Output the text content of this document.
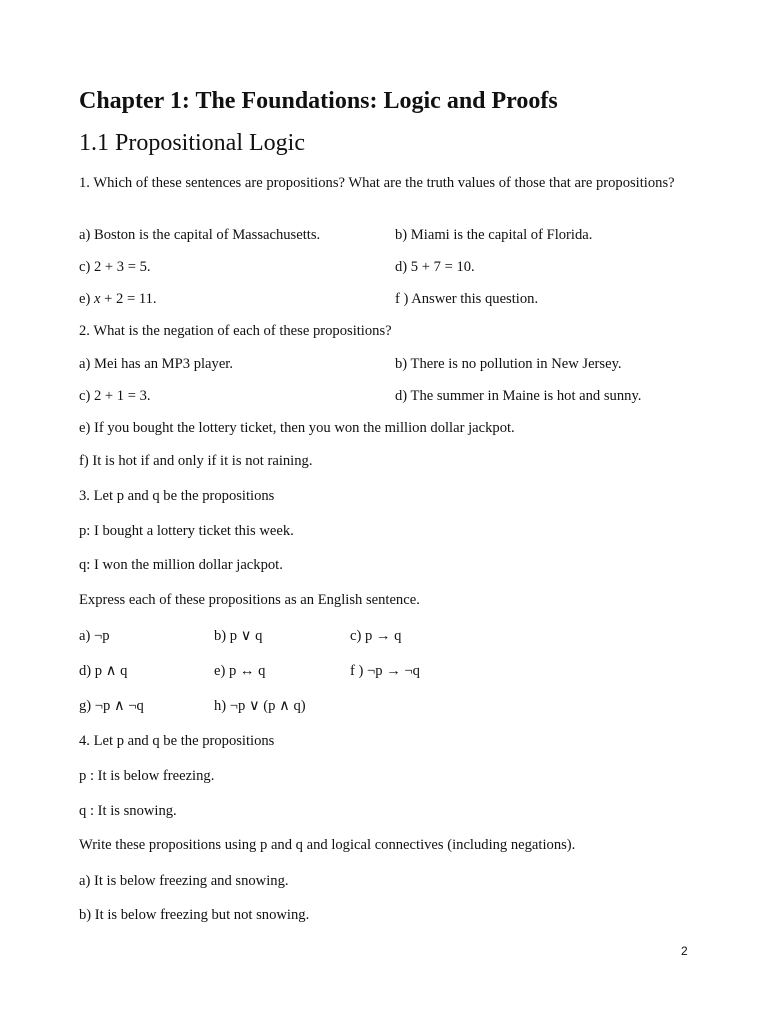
Chapter 1: The Foundations: Logic and Proofs
1.1 Propositional Logic
1. Which of these sentences are propositions? What are the truth values of those that are propositions?
a) Boston is the capital of Massachusetts.	b) Miami is the capital of Florida.
c) 2 + 3 = 5.	d) 5 + 7 = 10.
e) x + 2 = 11.	f ) Answer this question.
2. What is the negation of each of these propositions?
a) Mei has an MP3 player.	b) There is no pollution in New Jersey.
c) 2 + 1 = 3.	d) The summer in Maine is hot and sunny.
e) If you bought the lottery ticket, then you won the million dollar jackpot.
f) It is hot if and only if it is not raining.
3. Let p and q be the propositions
p: I bought a lottery ticket this week.
q: I won the million dollar jackpot.
Express each of these propositions as an English sentence.
a) ¬p	b) p ∨ q	c) p → q
d) p ∧ q	e) p ↔ q	f ) ¬p → ¬q
g) ¬p ∧ ¬q	h) ¬p ∨ (p ∧ q)
4. Let p and q be the propositions
p : It is below freezing.
q : It is snowing.
Write these propositions using p and q and logical connectives (including negations).
a) It is below freezing and snowing.
b) It is below freezing but not snowing.
2
